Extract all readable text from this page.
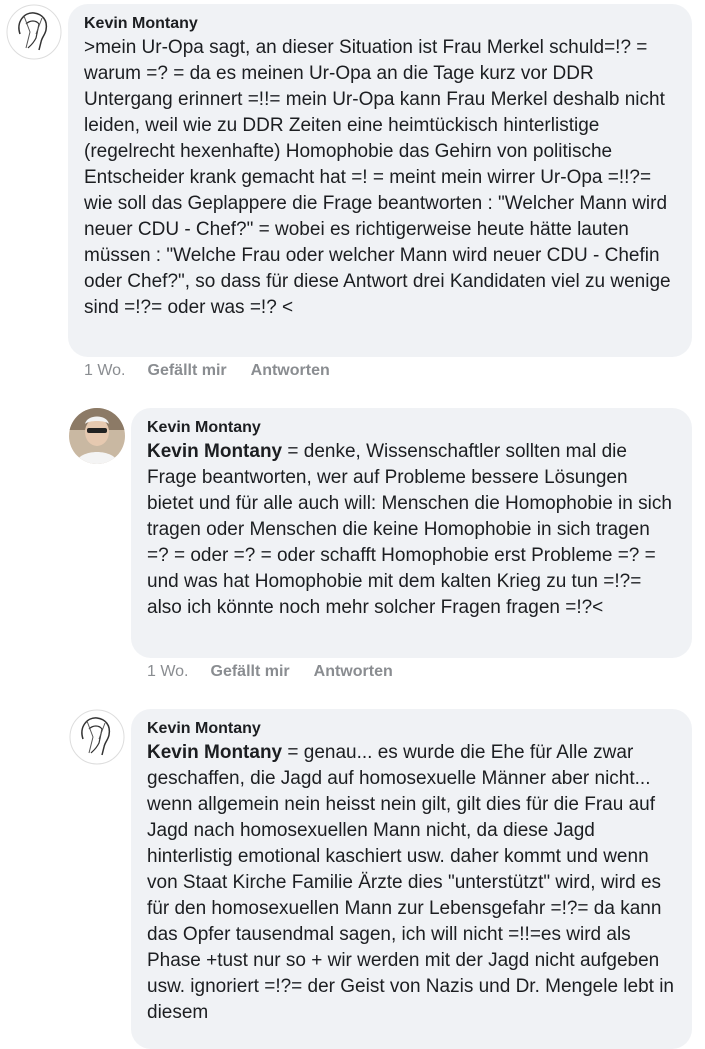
Kevin Montany
>mein Ur-Opa sagt, an dieser Situation ist Frau Merkel schuld=!? = warum =? = da es meinen Ur-Opa an die Tage kurz vor DDR Untergang erinnert =!!= mein Ur-Opa kann Frau Merkel deshalb nicht leiden, weil wie zu DDR Zeiten eine heimtückisch hinterlistige (regelrecht hexenhafte) Homophobie das Gehirn von politische Entscheider krank gemacht hat =! = meint mein wirrer Ur-Opa =!!?= wie soll das Geplappere die Frage beantworten : "Welcher Mann wird neuer CDU - Chef?" = wobei es richtigerweise heute hätte lauten müssen : "Welche Frau oder welcher Mann wird neuer CDU - Chefin oder Chef?", so dass für diese Antwort drei Kandidaten viel zu wenige sind =!?= oder was =!? <
1 Wo. Gefällt mir Antworten
Kevin Montany
Kevin Montany = denke, Wissenschaftler sollten mal die Frage beantworten, wer auf Probleme bessere Lösungen bietet und für alle auch will: Menschen die Homophobie in sich tragen oder Menschen die keine Homophobie in sich tragen =? = oder =? = oder schafft Homophobie erst Probleme =? = und was hat Homophobie mit dem kalten Krieg zu tun =!?= also ich könnte noch mehr solcher Fragen fragen =!?<
1 Wo. Gefällt mir Antworten
Kevin Montany
Kevin Montany = genau... es wurde die Ehe für Alle zwar geschaffen, die Jagd auf homosexuelle Männer aber nicht... wenn allgemein nein heisst nein gilt, gilt dies für die Frau auf Jagd nach homosexuellen Mann nicht, da diese Jagd hinterlistig emotional kaschiert usw. daher kommt und wenn von Staat Kirche Familie Ärzte dies "unterstützt" wird, wird es für den homosexuellen Mann zur Lebensgefahr =!?= da kann das Opfer tausendmal sagen, ich will nicht =!!=es wird als Phase +tust nur so + wir werden mit der Jagd nicht aufgeben usw. ignoriert =!?= der Geist von Nazis und Dr. Mengele lebt in diesem
